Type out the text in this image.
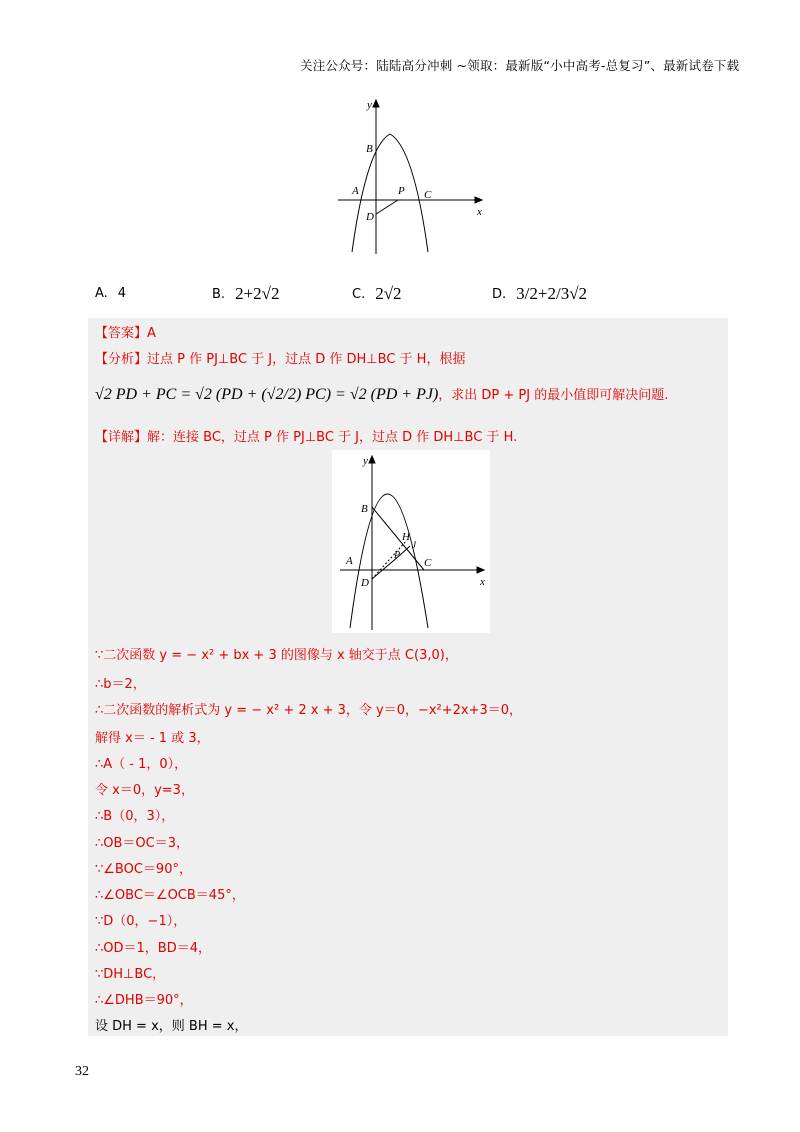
关注公众号：陆陆高分冲刺 ~领取：最新版“小中高考-总复习”、最新试卷下载
y
x
B
A	P C
D
A. 4	B. 2+2√2	C. 2√2	D. 3/2+2/3√2
【答案】A
【分析】过点 P 作 PJ⊥BC 于 J，过点 D 作 DH⊥BC 于 H，根据
√2 PD + PC = √2 (PD + (√2/2) PC) = √2 (PD + PJ)，求出 DP + PJ 的最小值即可解决问题.
【详解】解：连接 BC，过点 P 作 PJ⊥BC 于 J，过点 D 作 DH⊥BC 于 H.
y
x
B
A	P
H
J
C
D
∵二次函数 y = − x² + bx + 3 的图像与 x 轴交于点 C(3,0)，
∴b＝2，
∴二次函数的解析式为 y = − x² + 2 x + 3，令 y＝0，−x²+2x+3＝0，
解得 x＝ - 1 或 3，
∴A（ - 1，0），
令 x＝0，y=3，
∴B（0，3），
∴OB＝OC＝3，
∵∠BOC＝90°，
∴∠OBC＝∠OCB＝45°，
∵D（0，−1），
∴OD＝1，BD＝4，
∵DH⊥BC，
∴∠DHB＝90°，
设 DH = x，则 BH = x，
32
